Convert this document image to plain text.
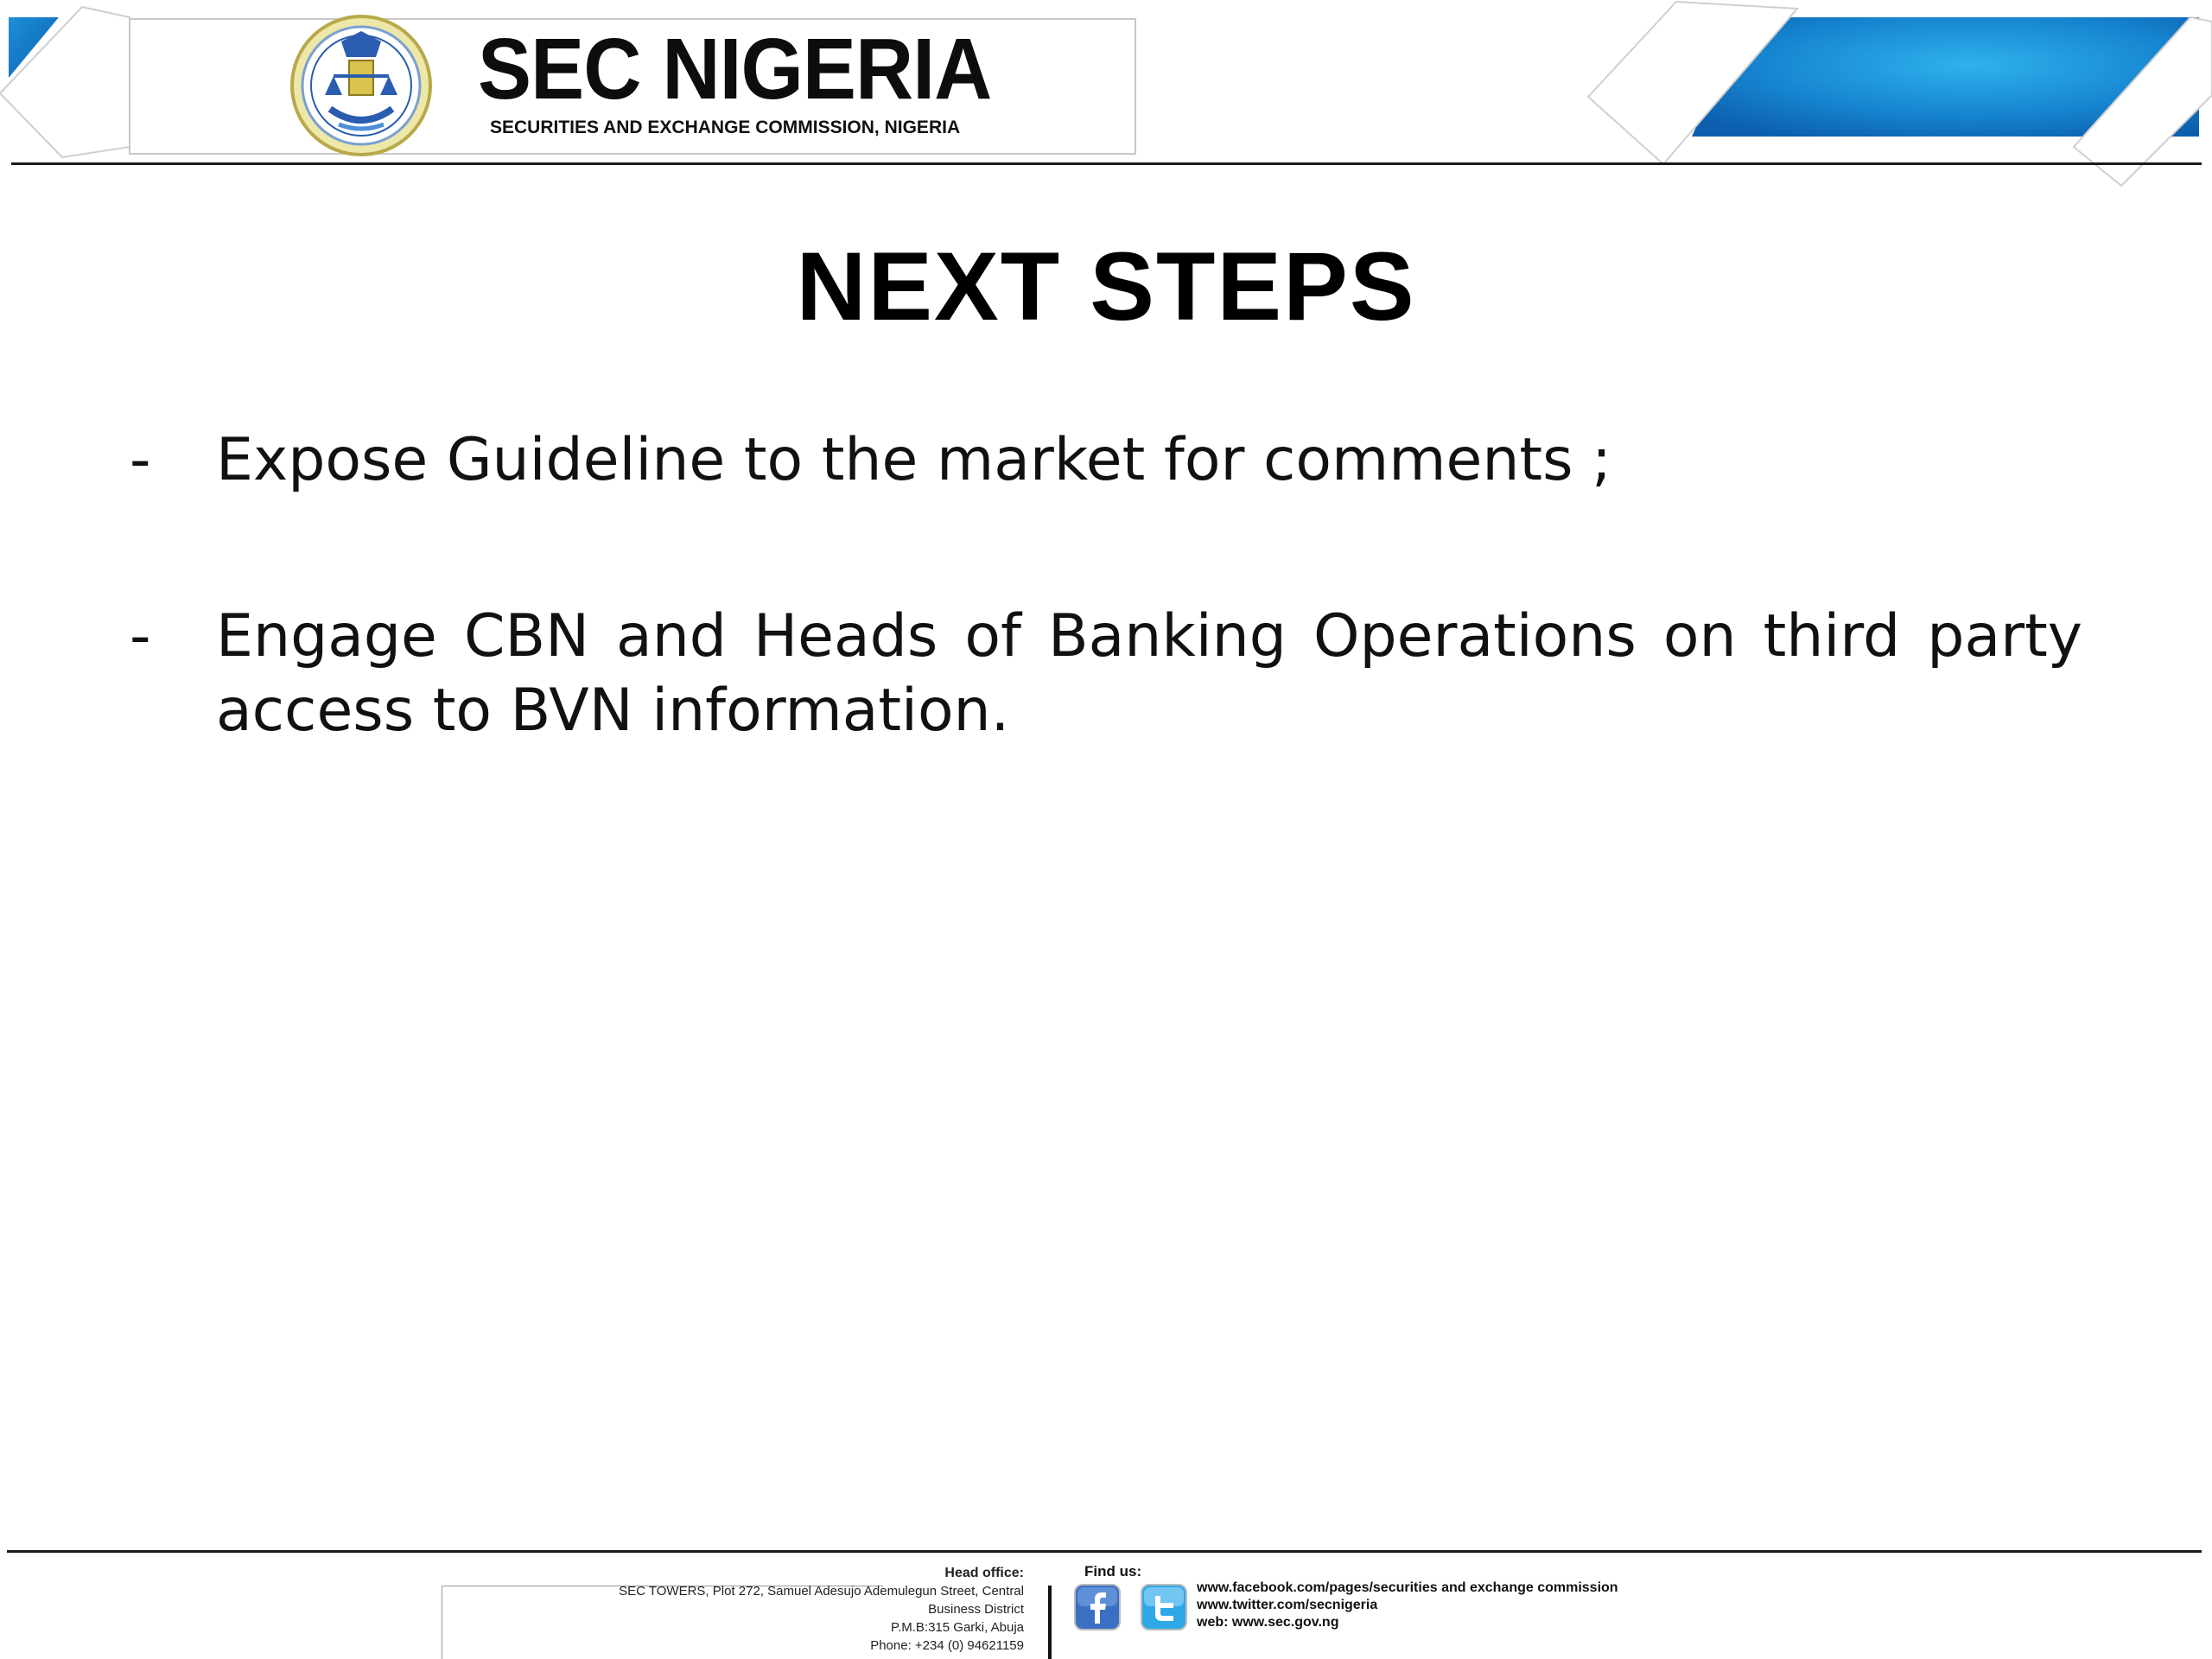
SEC NIGERIA
SECURITIES AND EXCHANGE COMMISSION, NIGERIA
NEXT STEPS
- Expose Guideline to the market for comments ;
- Engage CBN and Heads of Banking Operations on third party access to BVN information.
Head office:
SEC TOWERS, Plot 272, Samuel Adesujo Ademulegun Street, Central
Business District
P.M.B:315 Garki, Abuja
Phone: +234 (0) 94621159
Find us:
www.facebook.com/pages/securities and exchange commission
www.twitter.com/secnigeria
web: www.sec.gov.ng
